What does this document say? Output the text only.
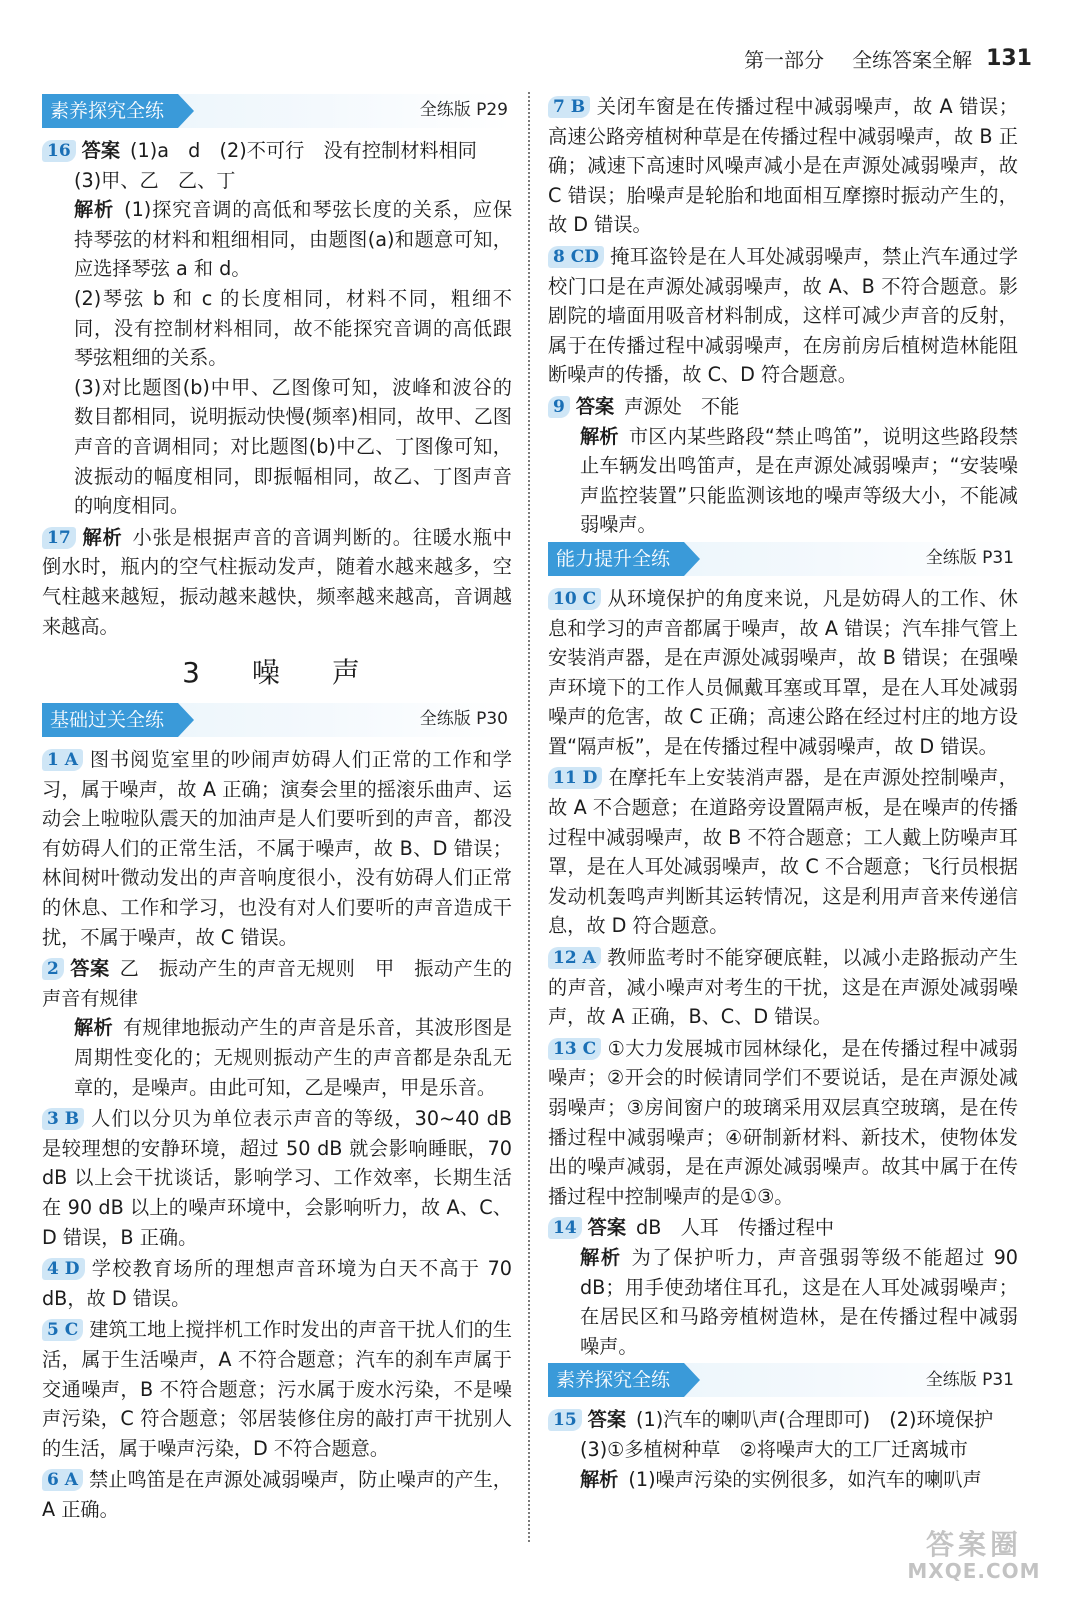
第一部分 全练答案全解 131
素养探究全练	全练版 P29

16 答案 (1)a　d　(2)不可行　没有控制材料相同

(3)甲、乙　乙、丁

解析 (1)探究音调的高低和琴弦长度的关系，应保持琴弦的材料和粗细相同，由题图(a)和题意可知，应选择琴弦 a 和 d。

(2)琴弦 b 和 c 的长度相同，材料不同，粗细不同，没有控制材料相同，故不能探究音调的高低跟琴弦粗细的关系。

(3)对比题图(b)中甲、乙图像可知，波峰和波谷的数目都相同，说明振动快慢(频率)相同，故甲、乙图声音的音调相同；对比题图(b)中乙、丁图像可知，波振动的幅度相同，即振幅相同，故乙、丁图声音的响度相同。

17 解析 小张是根据声音的音调判断的。往暖水瓶中倒水时，瓶内的空气柱振动发声，随着水越来越多，空气柱越来越短，振动越来越快，频率越来越高，音调越来越高。

3　噪　声
基础过关全练	全练版 P30

1 A 图书阅览室里的吵闹声妨碍人们正常的工作和学习，属于噪声，故 A 正确；演奏会里的摇滚乐曲声、运动会上啦啦队震天的加油声是人们要听到的声音，都没有妨碍人们的正常生活，不属于噪声，故 B、D 错误；林间树叶微动发出的声音响度很小，没有妨碍人们正常的休息、工作和学习，也没有对人们要听的声音造成干扰，不属于噪声，故 C 错误。

2 答案 乙　振动产生的声音无规则　甲　振动产生的声音有规律

解析 有规律地振动产生的声音是乐音，其波形图是周期性变化的；无规则振动产生的声音都是杂乱无章的，是噪声。由此可知，乙是噪声，甲是乐音。

3 B 人们以分贝为单位表示声音的等级，30~40 dB 是较理想的安静环境，超过 50 dB 就会影响睡眠，70 dB 以上会干扰谈话，影响学习、工作效率，长期生活在 90 dB 以上的噪声环境中，会影响听力，故 A、C、D 错误，B 正确。

4 D 学校教育场所的理想声音环境为白天不高于 70 dB，故 D 错误。

5 C 建筑工地上搅拌机工作时发出的声音干扰人们的生活，属于生活噪声，A 不符合题意；汽车的刹车声属于交通噪声，B 不符合题意；污水属于废水污染，不是噪声污染，C 符合题意；邻居装修住房的敲打声干扰别人的生活，属于噪声污染，D 不符合题意。

6 A 禁止鸣笛是在声源处减弱噪声，防止噪声的产生，A 正确。

7 B 关闭车窗是在传播过程中减弱噪声，故 A 错误；高速公路旁植树种草是在传播过程中减弱噪声，故 B 正确；减速下高速时风噪声减小是在声源处减弱噪声，故 C 错误；胎噪声是轮胎和地面相互摩擦时振动产生的，故 D 错误。

8 CD 掩耳盗铃是在人耳处减弱噪声，禁止汽车通过学校门口是在声源处减弱噪声，故 A、B 不符合题意。影剧院的墙面用吸音材料制成，这样可减少声音的反射，属于在传播过程中减弱噪声，在房前房后植树造林能阻断噪声的传播，故 C、D 符合题意。

9 答案 声源处　不能

解析 市区内某些路段“禁止鸣笛”，说明这些路段禁止车辆发出鸣笛声，是在声源处减弱噪声；“安装噪声监控装置”只能监测该地的噪声等级大小，不能减弱噪声。

能力提升全练	全练版 P31

10 C 从环境保护的角度来说，凡是妨碍人的工作、休息和学习的声音都属于噪声，故 A 错误；汽车排气管上安装消声器，是在声源处减弱噪声，故 B 错误；在强噪声环境下的工作人员佩戴耳塞或耳罩，是在人耳处减弱噪声的危害，故 C 正确；高速公路在经过村庄的地方设置“隔声板”，是在传播过程中减弱噪声，故 D 错误。

11 D 在摩托车上安装消声器，是在声源处控制噪声，故 A 不合题意；在道路旁设置隔声板，是在噪声的传播过程中减弱噪声，故 B 不符合题意；工人戴上防噪声耳罩，是在人耳处减弱噪声，故 C 不合题意；飞行员根据发动机轰鸣声判断其运转情况，这是利用声音来传递信息，故 D 符合题意。

12 A 教师监考时不能穿硬底鞋，以减小走路振动产生的声音，减小噪声对考生的干扰，这是在声源处减弱噪声，故 A 正确，B、C、D 错误。

13 C ①大力发展城市园林绿化，是在传播过程中减弱噪声；②开会的时候请同学们不要说话，是在声源处减弱噪声；③房间窗户的玻璃采用双层真空玻璃，是在传播过程中减弱噪声；④研制新材料、新技术，使物体发出的噪声减弱，是在声源处减弱噪声。故其中属于在传播过程中控制噪声的是①③。

14 答案 dB　人耳　传播过程中

解析 为了保护听力，声音强弱等级不能超过 90 dB；用手使劲堵住耳孔，这是在人耳处减弱噪声；在居民区和马路旁植树造林，是在传播过程中减弱噪声。

素养探究全练	全练版 P31

15 答案 (1)汽车的喇叭声(合理即可)　(2)环境保护

(3)①多植树种草　②将噪声大的工厂迁离城市

解析 (1)噪声污染的实例很多，如汽车的喇叭声

答案圈
MXQE.COM
